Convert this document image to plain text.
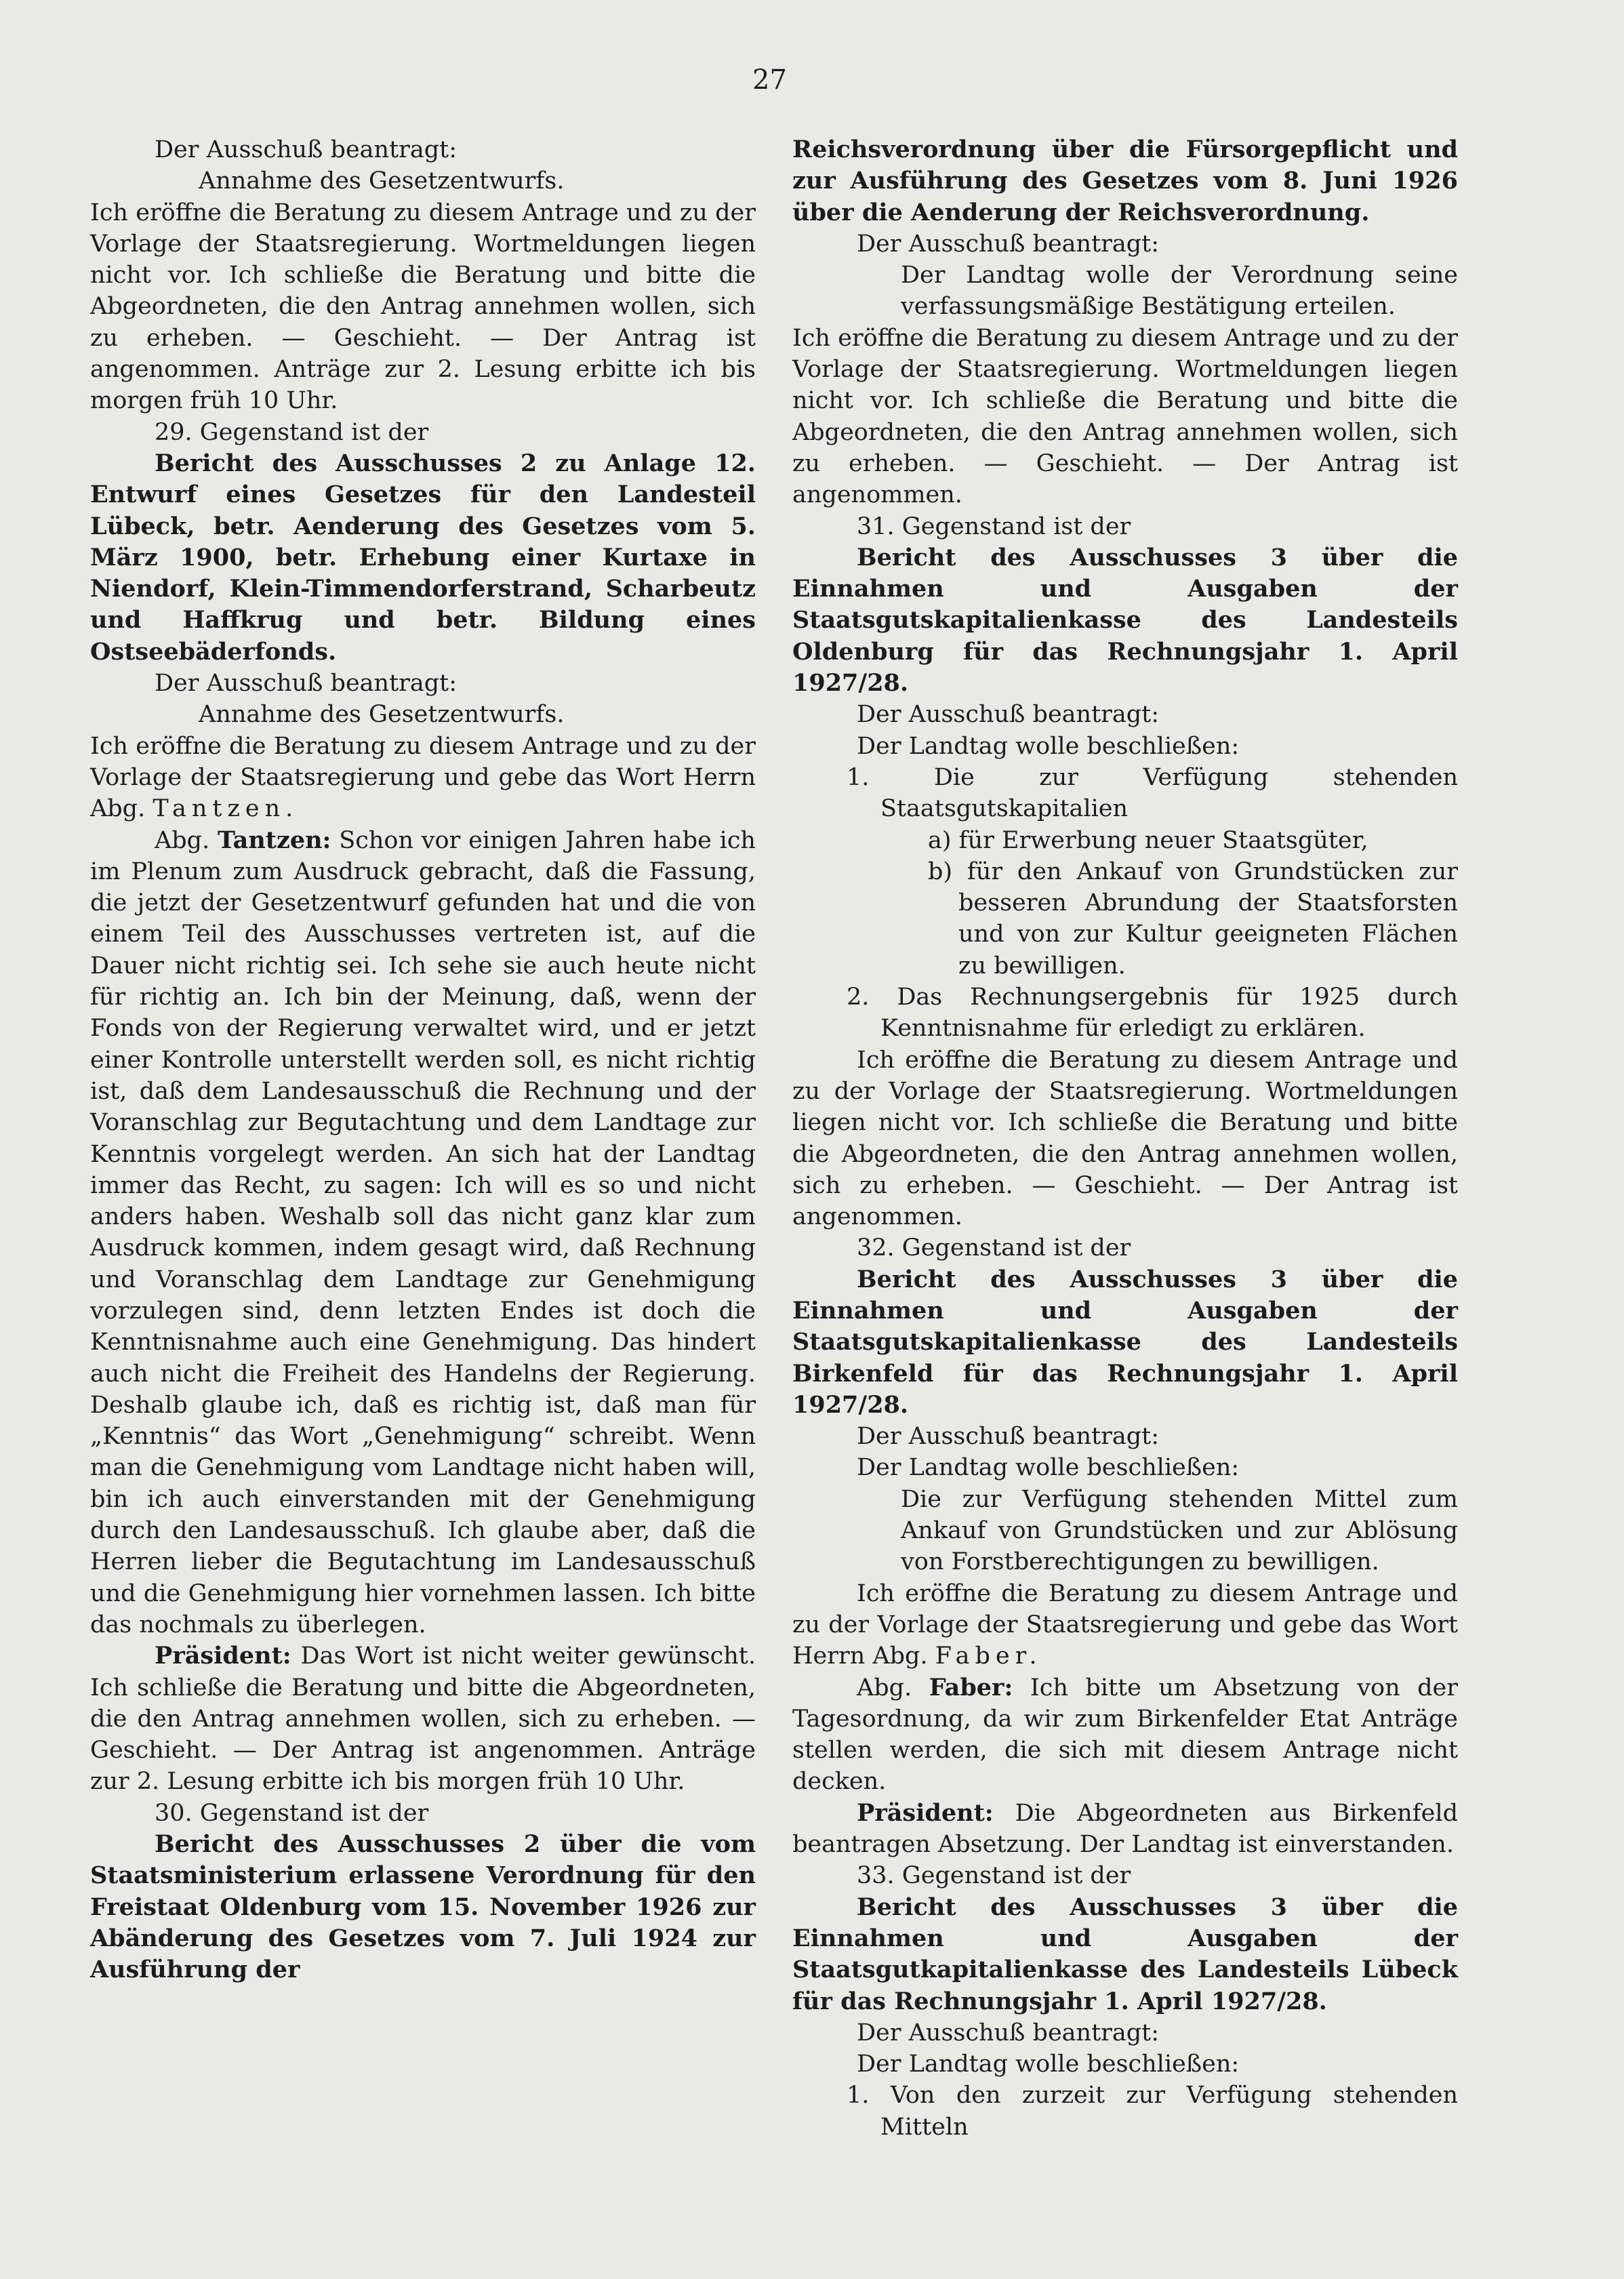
27

Der Ausschuß beantragt:

Annahme des Gesetzentwurfs.

Ich eröffne die Beratung zu diesem Antrage und zu der Vorlage der Staatsregierung. Wortmeldungen liegen nicht vor. Ich schließe die Beratung und bitte die Abgeordneten, die den Antrag annehmen wollen, sich zu erheben. — Geschieht. — Der Antrag ist angenommen. Anträge zur 2. Lesung erbitte ich bis morgen früh 10 Uhr.

29. Gegenstand ist der

Bericht des Ausschusses 2 zu Anlage 12. Entwurf eines Gesetzes für den Landesteil Lübeck, betr. Aenderung des Gesetzes vom 5. März 1900, betr. Erhebung einer Kurtaxe in Niendorf, Klein-Timmendorferstrand, Scharbeutz und Haffkrug und betr. Bildung eines Ostseebäderfonds.

Der Ausschuß beantragt:

Annahme des Gesetzentwurfs.

Ich eröffne die Beratung zu diesem Antrage und zu der Vorlage der Staatsregierung und gebe das Wort Herrn Abg. Tantzen.

Abg. Tantzen: Schon vor einigen Jahren habe ich im Plenum zum Ausdruck gebracht, daß die Fassung, die jetzt der Gesetzentwurf gefunden hat und die von einem Teil des Ausschusses vertreten ist, auf die Dauer nicht richtig sei. Ich sehe sie auch heute nicht für richtig an. Ich bin der Meinung, daß, wenn der Fonds von der Regierung verwaltet wird, und er jetzt einer Kontrolle unterstellt werden soll, es nicht richtig ist, daß dem Landesausschuß die Rechnung und der Voranschlag zur Begutachtung und dem Landtage zur Kenntnis vorgelegt werden. An sich hat der Landtag immer das Recht, zu sagen: Ich will es so und nicht anders haben. Weshalb soll das nicht ganz klar zum Ausdruck kommen, indem gesagt wird, daß Rechnung und Voranschlag dem Landtage zur Genehmigung vorzulegen sind, denn letzten Endes ist doch die Kenntnisnahme auch eine Genehmigung. Das hindert auch nicht die Freiheit des Handelns der Regierung. Deshalb glaube ich, daß es richtig ist, daß man für „Kenntnis“ das Wort „Genehmigung“ schreibt. Wenn man die Genehmigung vom Landtage nicht haben will, bin ich auch einverstanden mit der Genehmigung durch den Landesausschuß. Ich glaube aber, daß die Herren lieber die Begutachtung im Landesausschuß und die Genehmigung hier vornehmen lassen. Ich bitte das nochmals zu überlegen.

Präsident: Das Wort ist nicht weiter gewünscht. Ich schließe die Beratung und bitte die Abgeordneten, die den Antrag annehmen wollen, sich zu erheben. — Geschieht. — Der Antrag ist angenommen. Anträge zur 2. Lesung erbitte ich bis morgen früh 10 Uhr.

30. Gegenstand ist der

Bericht des Ausschusses 2 über die vom Staatsministerium erlassene Verordnung für den Freistaat Oldenburg vom 15. November 1926 zur Abänderung des Gesetzes vom 7. Juli 1924 zur Ausführung der

Reichsverordnung über die Fürsorgepflicht und zur Ausführung des Gesetzes vom 8. Juni 1926 über die Aenderung der Reichsverordnung.

Der Ausschuß beantragt:

Der Landtag wolle der Verordnung seine verfassungsmäßige Bestätigung erteilen.

Ich eröffne die Beratung zu diesem Antrage und zu der Vorlage der Staatsregierung. Wortmeldungen liegen nicht vor. Ich schließe die Beratung und bitte die Abgeordneten, die den Antrag annehmen wollen, sich zu erheben. — Geschieht. — Der Antrag ist angenommen.

31. Gegenstand ist der

Bericht des Ausschusses 3 über die Einnahmen und Ausgaben der Staatsgutskapitalienkasse des Landesteils Oldenburg für das Rechnungsjahr 1. April 1927/28.

Der Ausschuß beantragt:

Der Landtag wolle beschließen:

1. Die zur Verfügung stehenden Staatsgutskapitalien

a) für Erwerbung neuer Staatsgüter,

b) für den Ankauf von Grundstücken zur besseren Abrundung der Staatsforsten und von zur Kultur geeigneten Flächen zu bewilligen.

2. Das Rechnungsergebnis für 1925 durch Kenntnisnahme für erledigt zu erklären.

Ich eröffne die Beratung zu diesem Antrage und zu der Vorlage der Staatsregierung. Wortmeldungen liegen nicht vor. Ich schließe die Beratung und bitte die Abgeordneten, die den Antrag annehmen wollen, sich zu erheben. — Geschieht. — Der Antrag ist angenommen.

32. Gegenstand ist der

Bericht des Ausschusses 3 über die Einnahmen und Ausgaben der Staatsgutskapitalienkasse des Landesteils Birkenfeld für das Rechnungsjahr 1. April 1927/28.

Der Ausschuß beantragt:

Der Landtag wolle beschließen:

Die zur Verfügung stehenden Mittel zum Ankauf von Grundstücken und zur Ablösung von Forstberechtigungen zu bewilligen.

Ich eröffne die Beratung zu diesem Antrage und zu der Vorlage der Staatsregierung und gebe das Wort Herrn Abg. Faber.

Abg. Faber: Ich bitte um Absetzung von der Tagesordnung, da wir zum Birkenfelder Etat Anträge stellen werden, die sich mit diesem Antrage nicht decken.

Präsident: Die Abgeordneten aus Birkenfeld beantragen Absetzung. Der Landtag ist einverstanden.

33. Gegenstand ist der

Bericht des Ausschusses 3 über die Einnahmen und Ausgaben der Staatsgutkapitalienkasse des Landesteils Lübeck für das Rechnungsjahr 1. April 1927/28.

Der Ausschuß beantragt:

Der Landtag wolle beschließen:

1. Von den zurzeit zur Verfügung stehenden Mitteln
